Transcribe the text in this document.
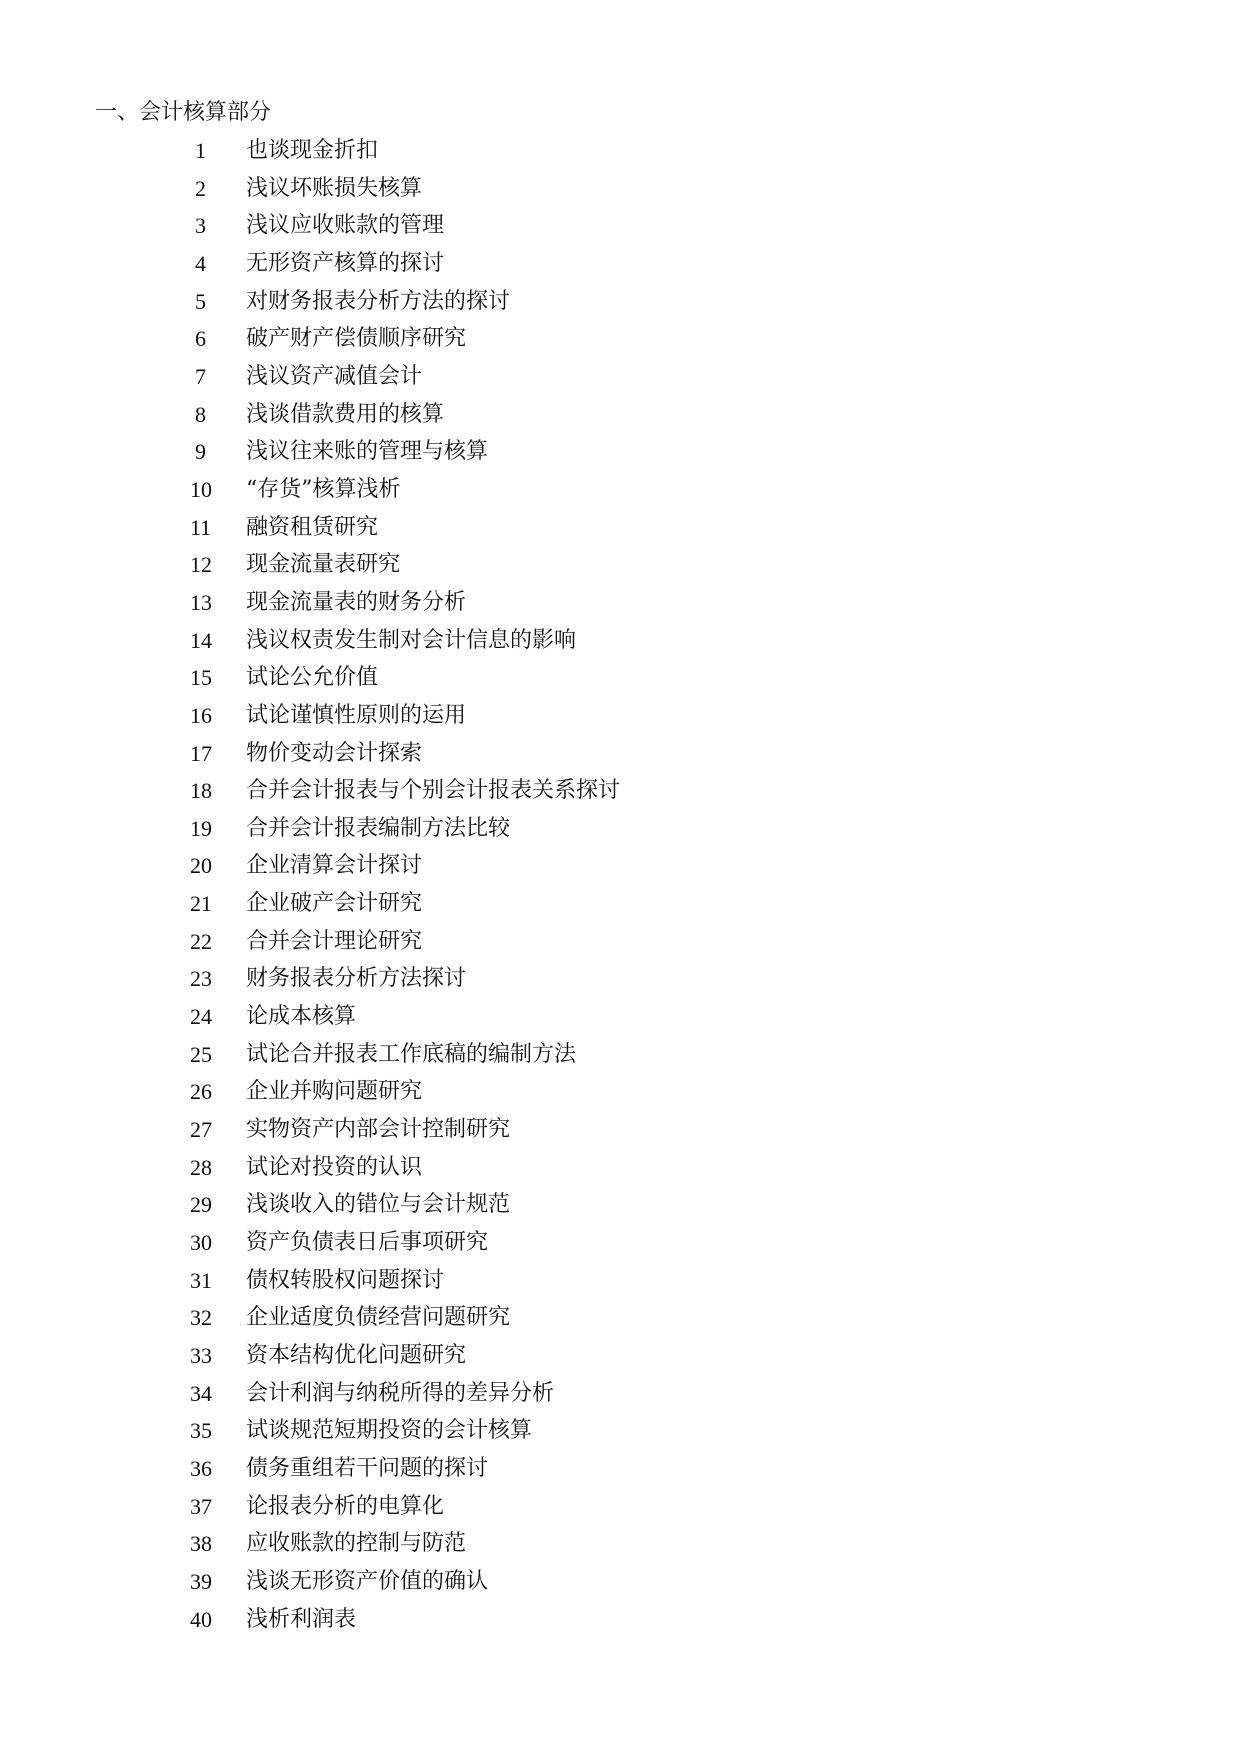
一、会计核算部分
1	也谈现金折扣
2	浅议坏账损失核算
3	浅议应收账款的管理
4	无形资产核算的探讨
5	对财务报表分析方法的探讨
6	破产财产偿债顺序研究
7	浅议资产减值会计
8	浅谈借款费用的核算
9	浅议往来账的管理与核算
10	“存货”核算浅析
11	融资租赁研究
12	现金流量表研究
13	现金流量表的财务分析
14	浅议权责发生制对会计信息的影响
15	试论公允价值
16	试论谨慎性原则的运用
17	物价变动会计探索
18	合并会计报表与个别会计报表关系探讨
19	合并会计报表编制方法比较
20	企业清算会计探讨
21	企业破产会计研究
22	合并会计理论研究
23	财务报表分析方法探讨
24	论成本核算
25	试论合并报表工作底稿的编制方法
26	企业并购问题研究
27	实物资产内部会计控制研究
28	试论对投资的认识
29	浅谈收入的错位与会计规范
30	资产负债表日后事项研究
31	债权转股权问题探讨
32	企业适度负债经营问题研究
33	资本结构优化问题研究
34	会计利润与纳税所得的差异分析
35	试谈规范短期投资的会计核算
36	债务重组若干问题的探讨
37	论报表分析的电算化
38	应收账款的控制与防范
39	浅谈无形资产价值的确认
40	浅析利润表
